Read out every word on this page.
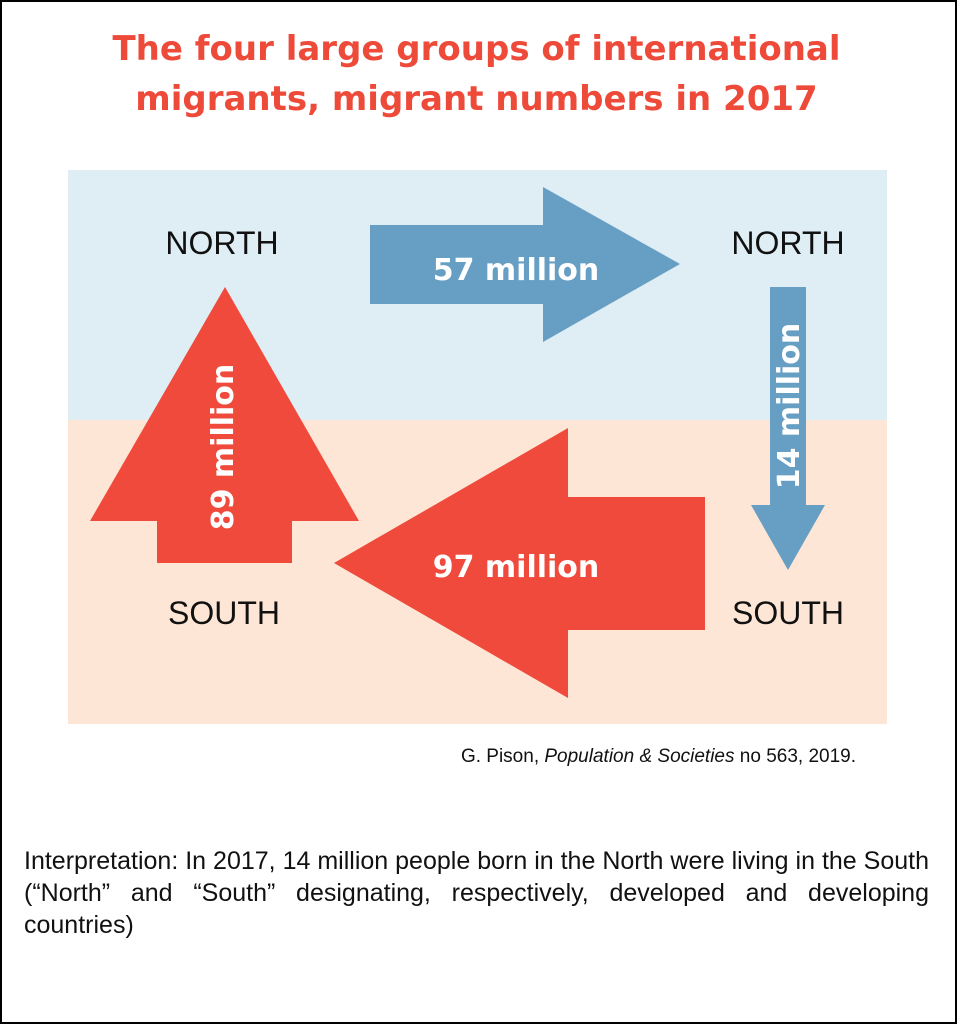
The four large groups of international
migrants, migrant numbers in 2017
57 million
14 million
97 million
89 million
NORTH	NORTH
SOUTH	SOUTH
G. Pison, Population & Societies no 563, 2019.
Interpretation: In 2017, 14 million people born in the North were living in the South (“North” and “South” designating, respectively, developed and developing countries)
